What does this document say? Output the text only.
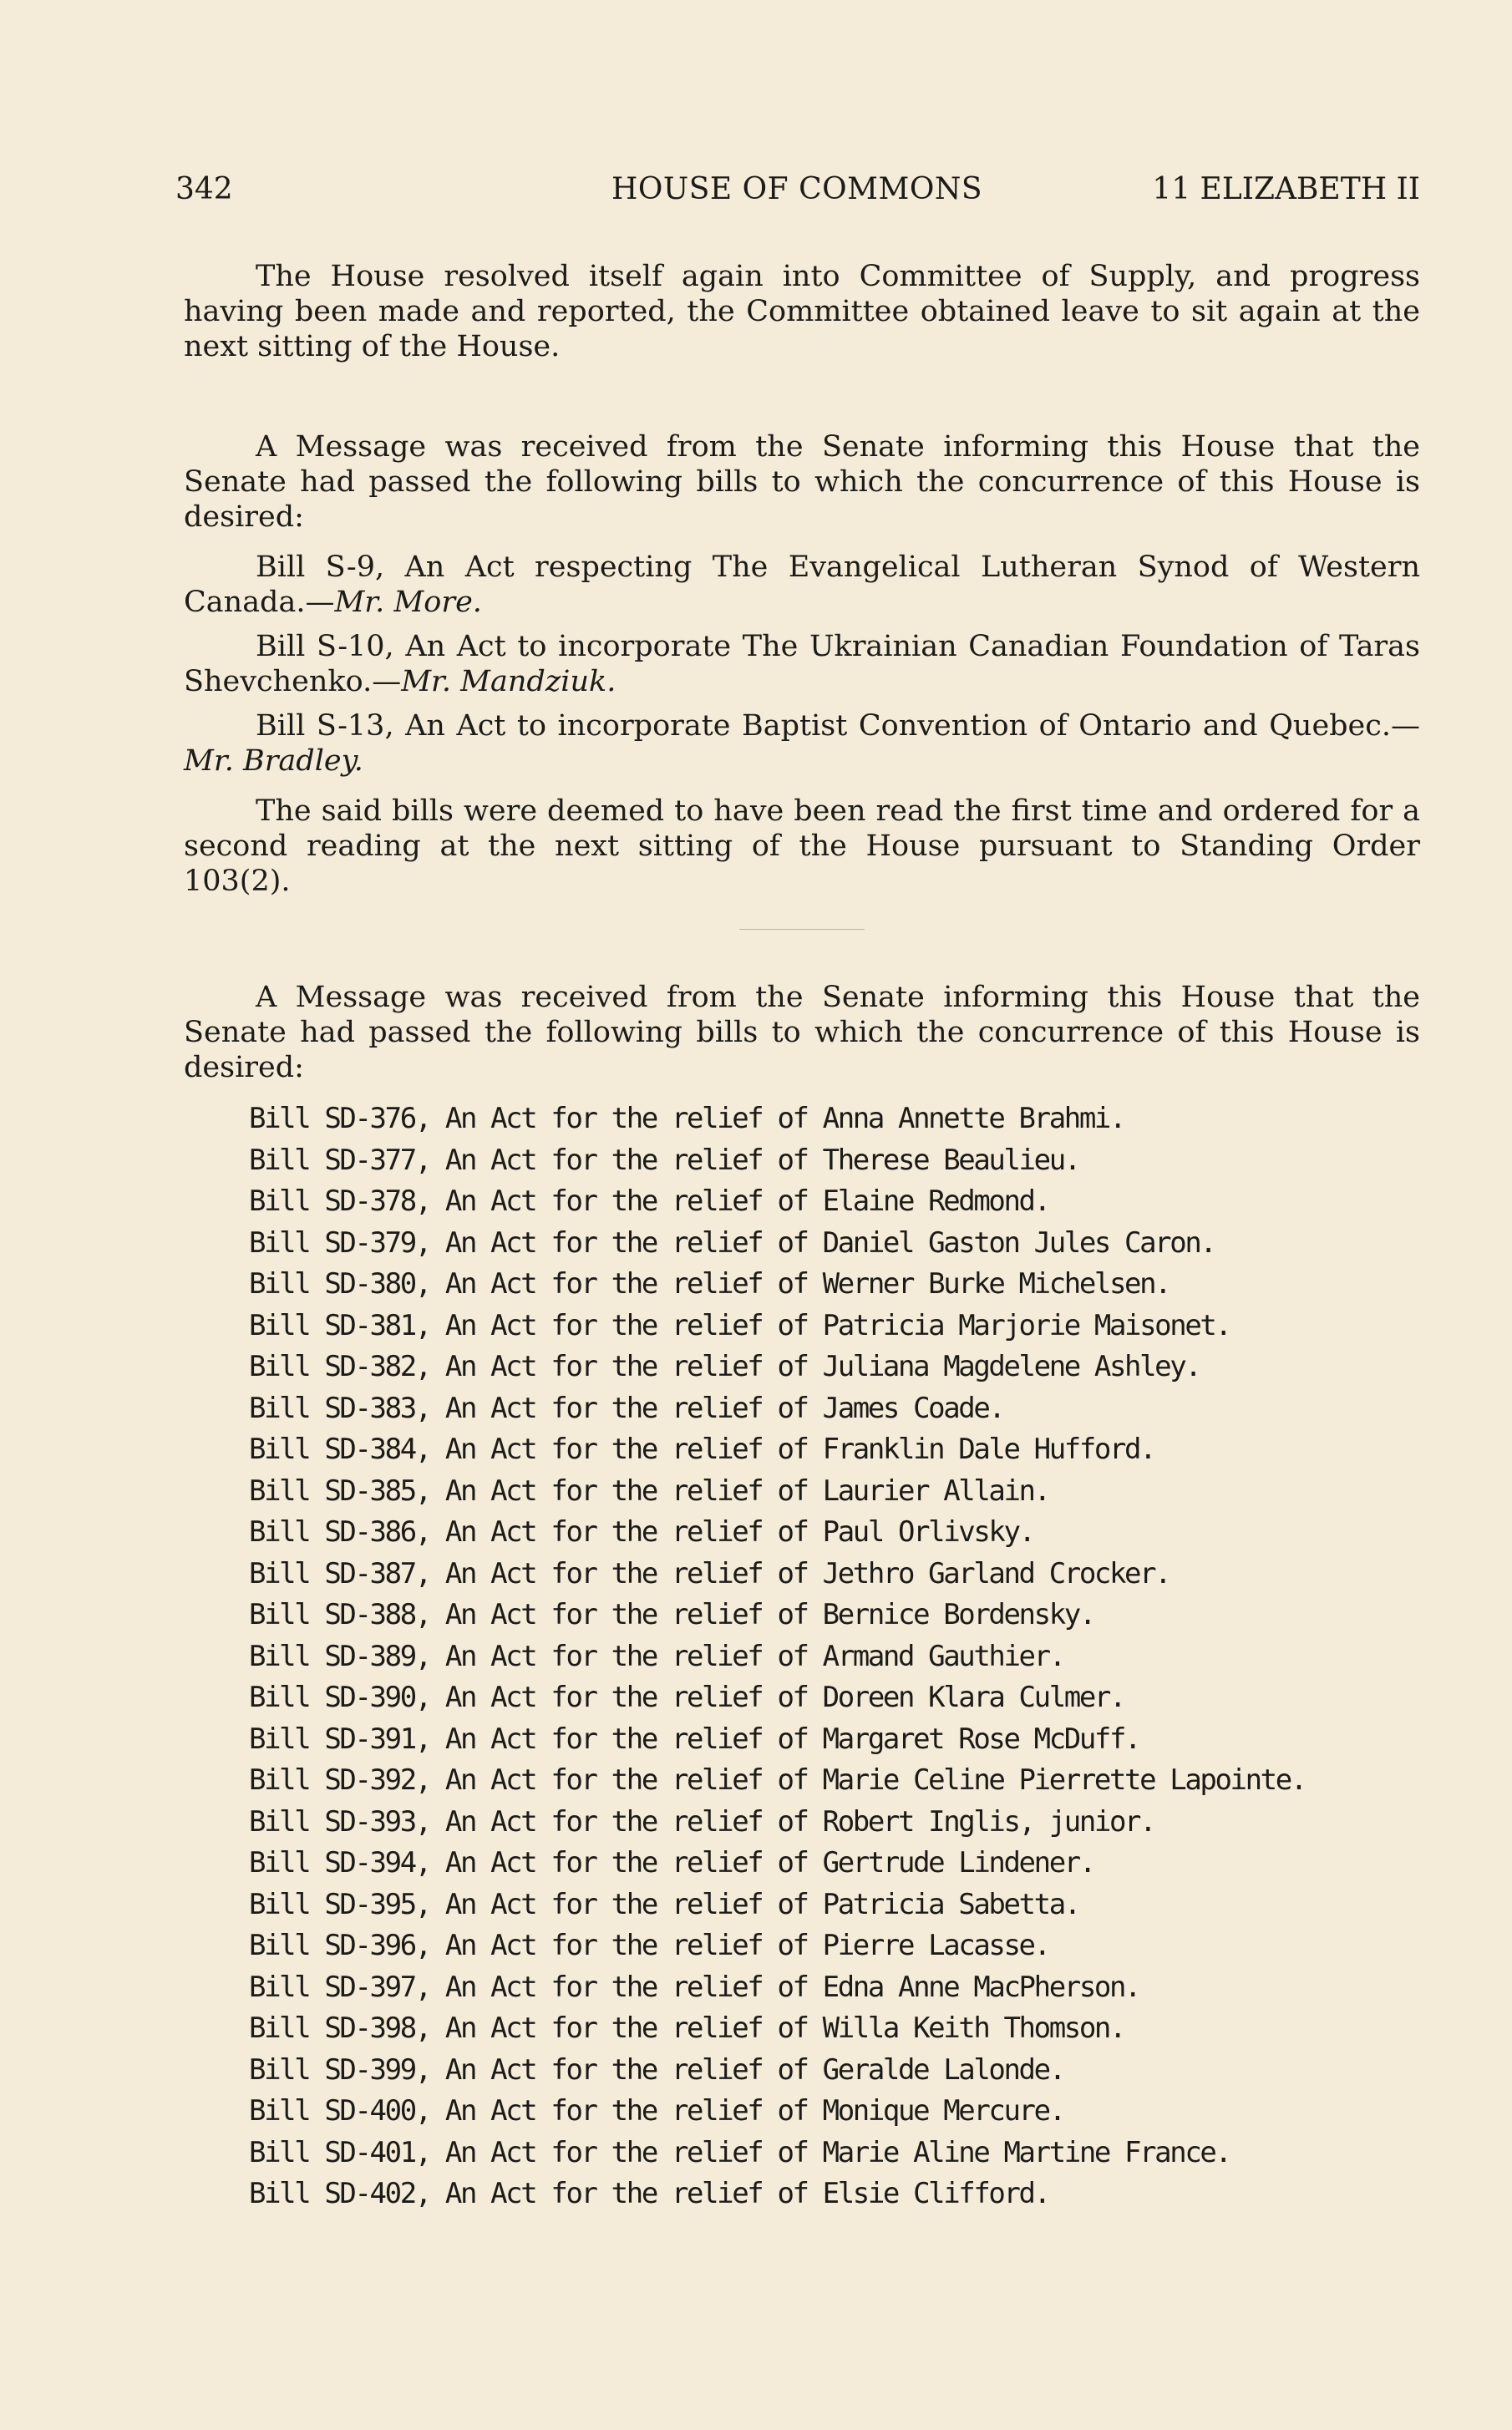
342	HOUSE OF COMMONS	11 ELIZABETH II

The House resolved itself again into Committee of Supply, and progress having been made and reported, the Committee obtained leave to sit again at the next sitting of the House.

A Message was received from the Senate informing this House that the Senate had passed the following bills to which the concurrence of this House is desired:

Bill S-9, An Act respecting The Evangelical Lutheran Synod of Western Canada.—Mr. More.

Bill S-10, An Act to incorporate The Ukrainian Canadian Foundation of Taras Shevchenko.—Mr. Mandziuk.

Bill S-13, An Act to incorporate Baptist Convention of Ontario and Quebec.—Mr. Bradley.

The said bills were deemed to have been read the first time and ordered for a second reading at the next sitting of the House pursuant to Standing Order 103(2).

A Message was received from the Senate informing this House that the Senate had passed the following bills to which the concurrence of this House is desired:

Bill SD-376, An Act for the relief of Anna Annette Brahmi.
Bill SD-377, An Act for the relief of Therese Beaulieu.
Bill SD-378, An Act for the relief of Elaine Redmond.
Bill SD-379, An Act for the relief of Daniel Gaston Jules Caron.
Bill SD-380, An Act for the relief of Werner Burke Michelsen.
Bill SD-381, An Act for the relief of Patricia Marjorie Maisonet.
Bill SD-382, An Act for the relief of Juliana Magdelene Ashley.
Bill SD-383, An Act for the relief of James Coade.
Bill SD-384, An Act for the relief of Franklin Dale Hufford.
Bill SD-385, An Act for the relief of Laurier Allain.
Bill SD-386, An Act for the relief of Paul Orlivsky.
Bill SD-387, An Act for the relief of Jethro Garland Crocker.
Bill SD-388, An Act for the relief of Bernice Bordensky.
Bill SD-389, An Act for the relief of Armand Gauthier.
Bill SD-390, An Act for the relief of Doreen Klara Culmer.
Bill SD-391, An Act for the relief of Margaret Rose McDuff.
Bill SD-392, An Act for the relief of Marie Celine Pierrette Lapointe.
Bill SD-393, An Act for the relief of Robert Inglis, junior.
Bill SD-394, An Act for the relief of Gertrude Lindener.
Bill SD-395, An Act for the relief of Patricia Sabetta.
Bill SD-396, An Act for the relief of Pierre Lacasse.
Bill SD-397, An Act for the relief of Edna Anne MacPherson.
Bill SD-398, An Act for the relief of Willa Keith Thomson.
Bill SD-399, An Act for the relief of Geralde Lalonde.
Bill SD-400, An Act for the relief of Monique Mercure.
Bill SD-401, An Act for the relief of Marie Aline Martine France.
Bill SD-402, An Act for the relief of Elsie Clifford.
